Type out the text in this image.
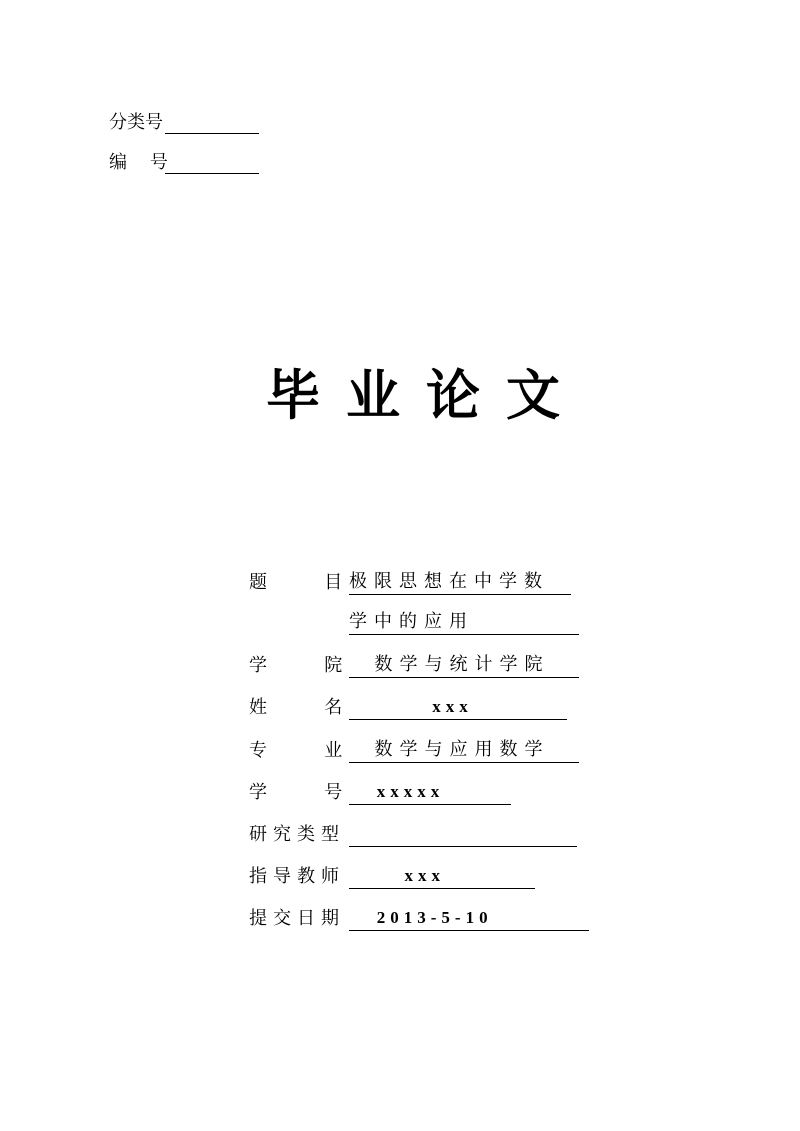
分类号
编    号
毕业论文
题          目 极限思想在中学数
学中的应用
学          院 数学与统计学院
姓          名 xxx
专          业 数学与应用数学
学          号 xxxxx
研究类型

指导教师 xxx
提交日期 2013-5-10
